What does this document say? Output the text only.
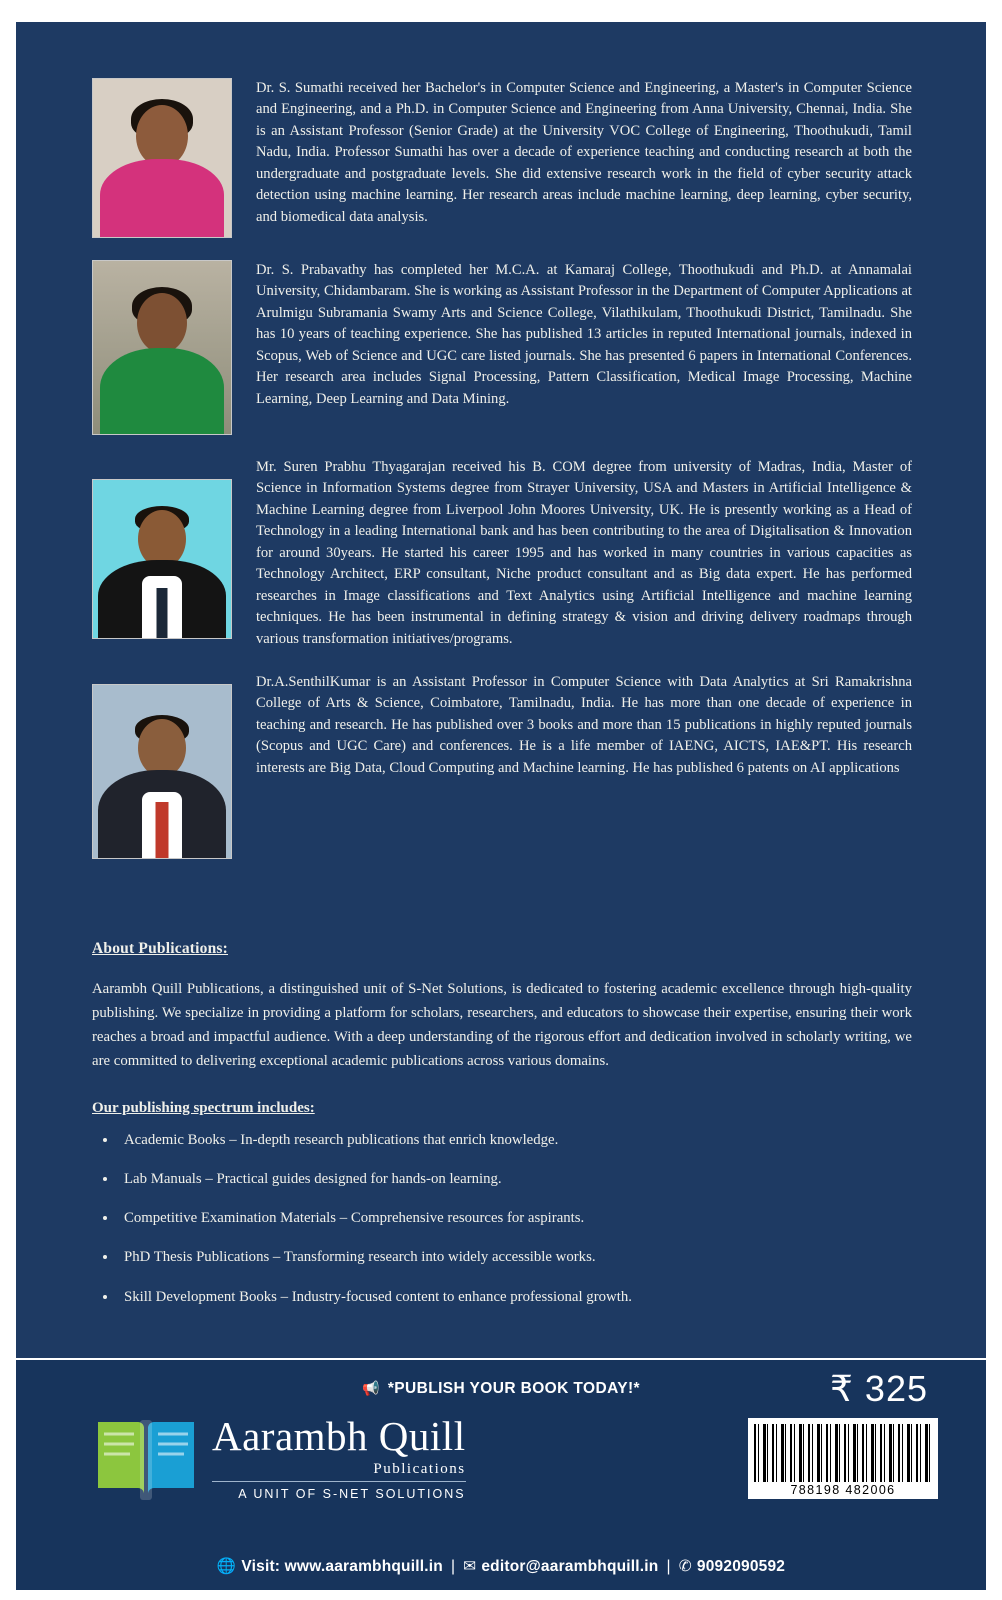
Dr. S. Sumathi received her Bachelor's in Computer Science and Engineering, a Master's in Computer Science and Engineering, and a Ph.D. in Computer Science and Engineering from Anna University, Chennai, India. She is an Assistant Professor (Senior Grade) at the University VOC College of Engineering, Thoothukudi, Tamil Nadu, India. Professor Sumathi has over a decade of experience teaching and conducting research at both the undergraduate and postgraduate levels. She did extensive research work in the field of cyber security attack detection using machine learning. Her research areas include machine learning, deep learning, cyber security, and biomedical data analysis.
Dr. S. Prabavathy has completed her M.C.A. at Kamaraj College, Thoothukudi and Ph.D. at Annamalai University, Chidambaram. She is working as Assistant Professor in the Department of Computer Applications at Arulmigu Subramania Swamy Arts and Science College, Vilathikulam, Thoothukudi District, Tamilnadu. She has 10 years of teaching experience. She has published 13 articles in reputed International journals, indexed in Scopus, Web of Science and UGC care listed journals. She has presented 6 papers in International Conferences. Her research area includes Signal Processing, Pattern Classification, Medical Image Processing, Machine Learning, Deep Learning and Data Mining.
Mr. Suren Prabhu Thyagarajan received his B. COM degree from university of Madras, India, Master of Science in Information Systems degree from Strayer University, USA and Masters in Artificial Intelligence & Machine Learning degree from Liverpool John Moores University, UK. He is presently working as a Head of Technology in a leading International bank and has been contributing to the area of Digitalisation & Innovation for around 30years. He started his career 1995 and has worked in many countries in various capacities as Technology Architect, ERP consultant, Niche product consultant and as Big data expert. He has performed researches in Image classifications and Text Analytics using Artificial Intelligence and machine learning techniques. He has been instrumental in defining strategy & vision and driving delivery roadmaps through various transformation initiatives/programs.
Dr.A.SenthilKumar is an Assistant Professor in Computer Science with Data Analytics at Sri Ramakrishna College of Arts & Science, Coimbatore, Tamilnadu, India. He has more than one decade of experience in teaching and research. He has published over 3 books and more than 15 publications in highly reputed journals (Scopus and UGC Care) and conferences. He is a life member of IAENG, AICTS, IAE&PT. His research interests are Big Data, Cloud Computing and Machine learning. He has published 6 patents on AI applications
About Publications:
Aarambh Quill Publications, a distinguished unit of S-Net Solutions, is dedicated to fostering academic excellence through high-quality publishing. We specialize in providing a platform for scholars, researchers, and educators to showcase their expertise, ensuring their work reaches a broad and impactful audience. With a deep understanding of the rigorous effort and dedication involved in scholarly writing, we are committed to delivering exceptional academic publications across various domains.
Our publishing spectrum includes:
• Academic Books – In-depth research publications that enrich knowledge.
• Lab Manuals – Practical guides designed for hands-on learning.
• Competitive Examination Materials – Comprehensive resources for aspirants.
• PhD Thesis Publications – Transforming research into widely accessible works.
• Skill Development Books – Industry-focused content to enhance professional growth.
📢 *PUBLISH YOUR BOOK TODAY!*	₹ 325
Aarambh Quill
Publications
A UNIT OF S-NET SOLUTIONS	788198 482006
🌐 Visit: www.aarambhquill.in | ✉ editor@aarambhquill.in | ✆ 9092090592
